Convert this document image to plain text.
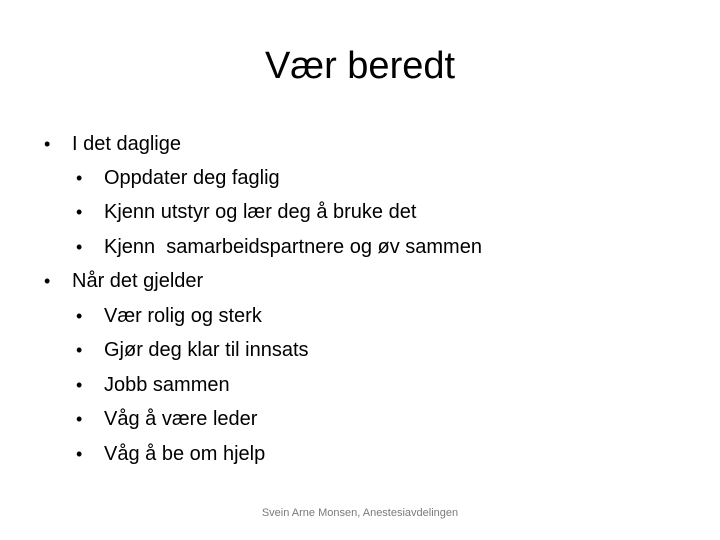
Vær beredt
• I det daglige
• Oppdater deg faglig
• Kjenn utstyr og lær deg å bruke det
• Kjenn  samarbeidspartnere og øv sammen
• Når det gjelder
• Vær rolig og sterk
• Gjør deg klar til innsats
• Jobb sammen
• Våg å være leder
• Våg å be om hjelp
Svein Arne Monsen, Anestesiavdelingen
